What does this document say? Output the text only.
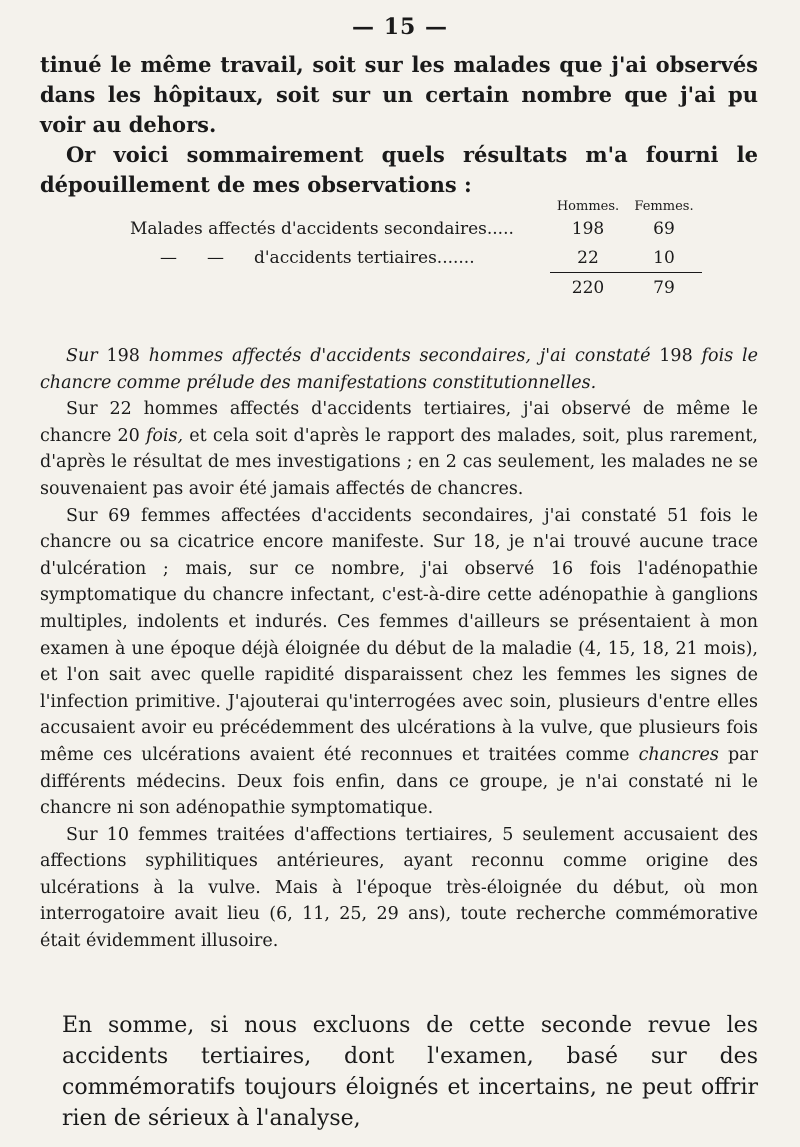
— 15 —

tinué le même travail, soit sur les malades que j'ai observés dans les hôpitaux, soit sur un certain nombre que j'ai pu voir au dehors.

Or voici sommairement quels résultats m'a fourni le dépouillement de mes observations :

	Hommes.	Femmes.
Malades affectés d'accidents secondaires.....	198	69
— — d'accidents tertiaires.......	22	10
	220	79

Sur 198 hommes affectés d'accidents secondaires, j'ai constaté 198 fois le chancre comme prélude des manifestations constitutionnelles.

Sur 22 hommes affectés d'accidents tertiaires, j'ai observé de même le chancre 20 fois, et cela soit d'après le rapport des malades, soit, plus rarement, d'après le résultat de mes investigations ; en 2 cas seulement, les malades ne se souvenaient pas avoir été jamais affectés de chancres.

Sur 69 femmes affectées d'accidents secondaires, j'ai constaté 51 fois le chancre ou sa cicatrice encore manifeste. Sur 18, je n'ai trouvé aucune trace d'ulcération ; mais, sur ce nombre, j'ai observé 16 fois l'adénopathie symptomatique du chancre infectant, c'est-à-dire cette adénopathie à ganglions multiples, indolents et indurés. Ces femmes d'ailleurs se présentaient à mon examen à une époque déjà éloignée du début de la maladie (4, 15, 18, 21 mois), et l'on sait avec quelle rapidité disparaissent chez les femmes les signes de l'infection primitive. J'ajouterai qu'interrogées avec soin, plusieurs d'entre elles accusaient avoir eu précédemment des ulcérations à la vulve, que plusieurs fois même ces ulcérations avaient été reconnues et traitées comme chancres par différents médecins. Deux fois enfin, dans ce groupe, je n'ai constaté ni le chancre ni son adénopathie symptomatique.

Sur 10 femmes traitées d'affections tertiaires, 5 seulement accusaient des affections syphilitiques antérieures, ayant reconnu comme origine des ulcérations à la vulve. Mais à l'époque très-éloignée du début, où mon interrogatoire avait lieu (6, 11, 25, 29 ans), toute recherche commémorative était évidemment illusoire.

En somme, si nous excluons de cette seconde revue les accidents tertiaires, dont l'examen, basé sur des commémoratifs toujours éloignés et incertains, ne peut offrir rien de sérieux à l'analyse,
